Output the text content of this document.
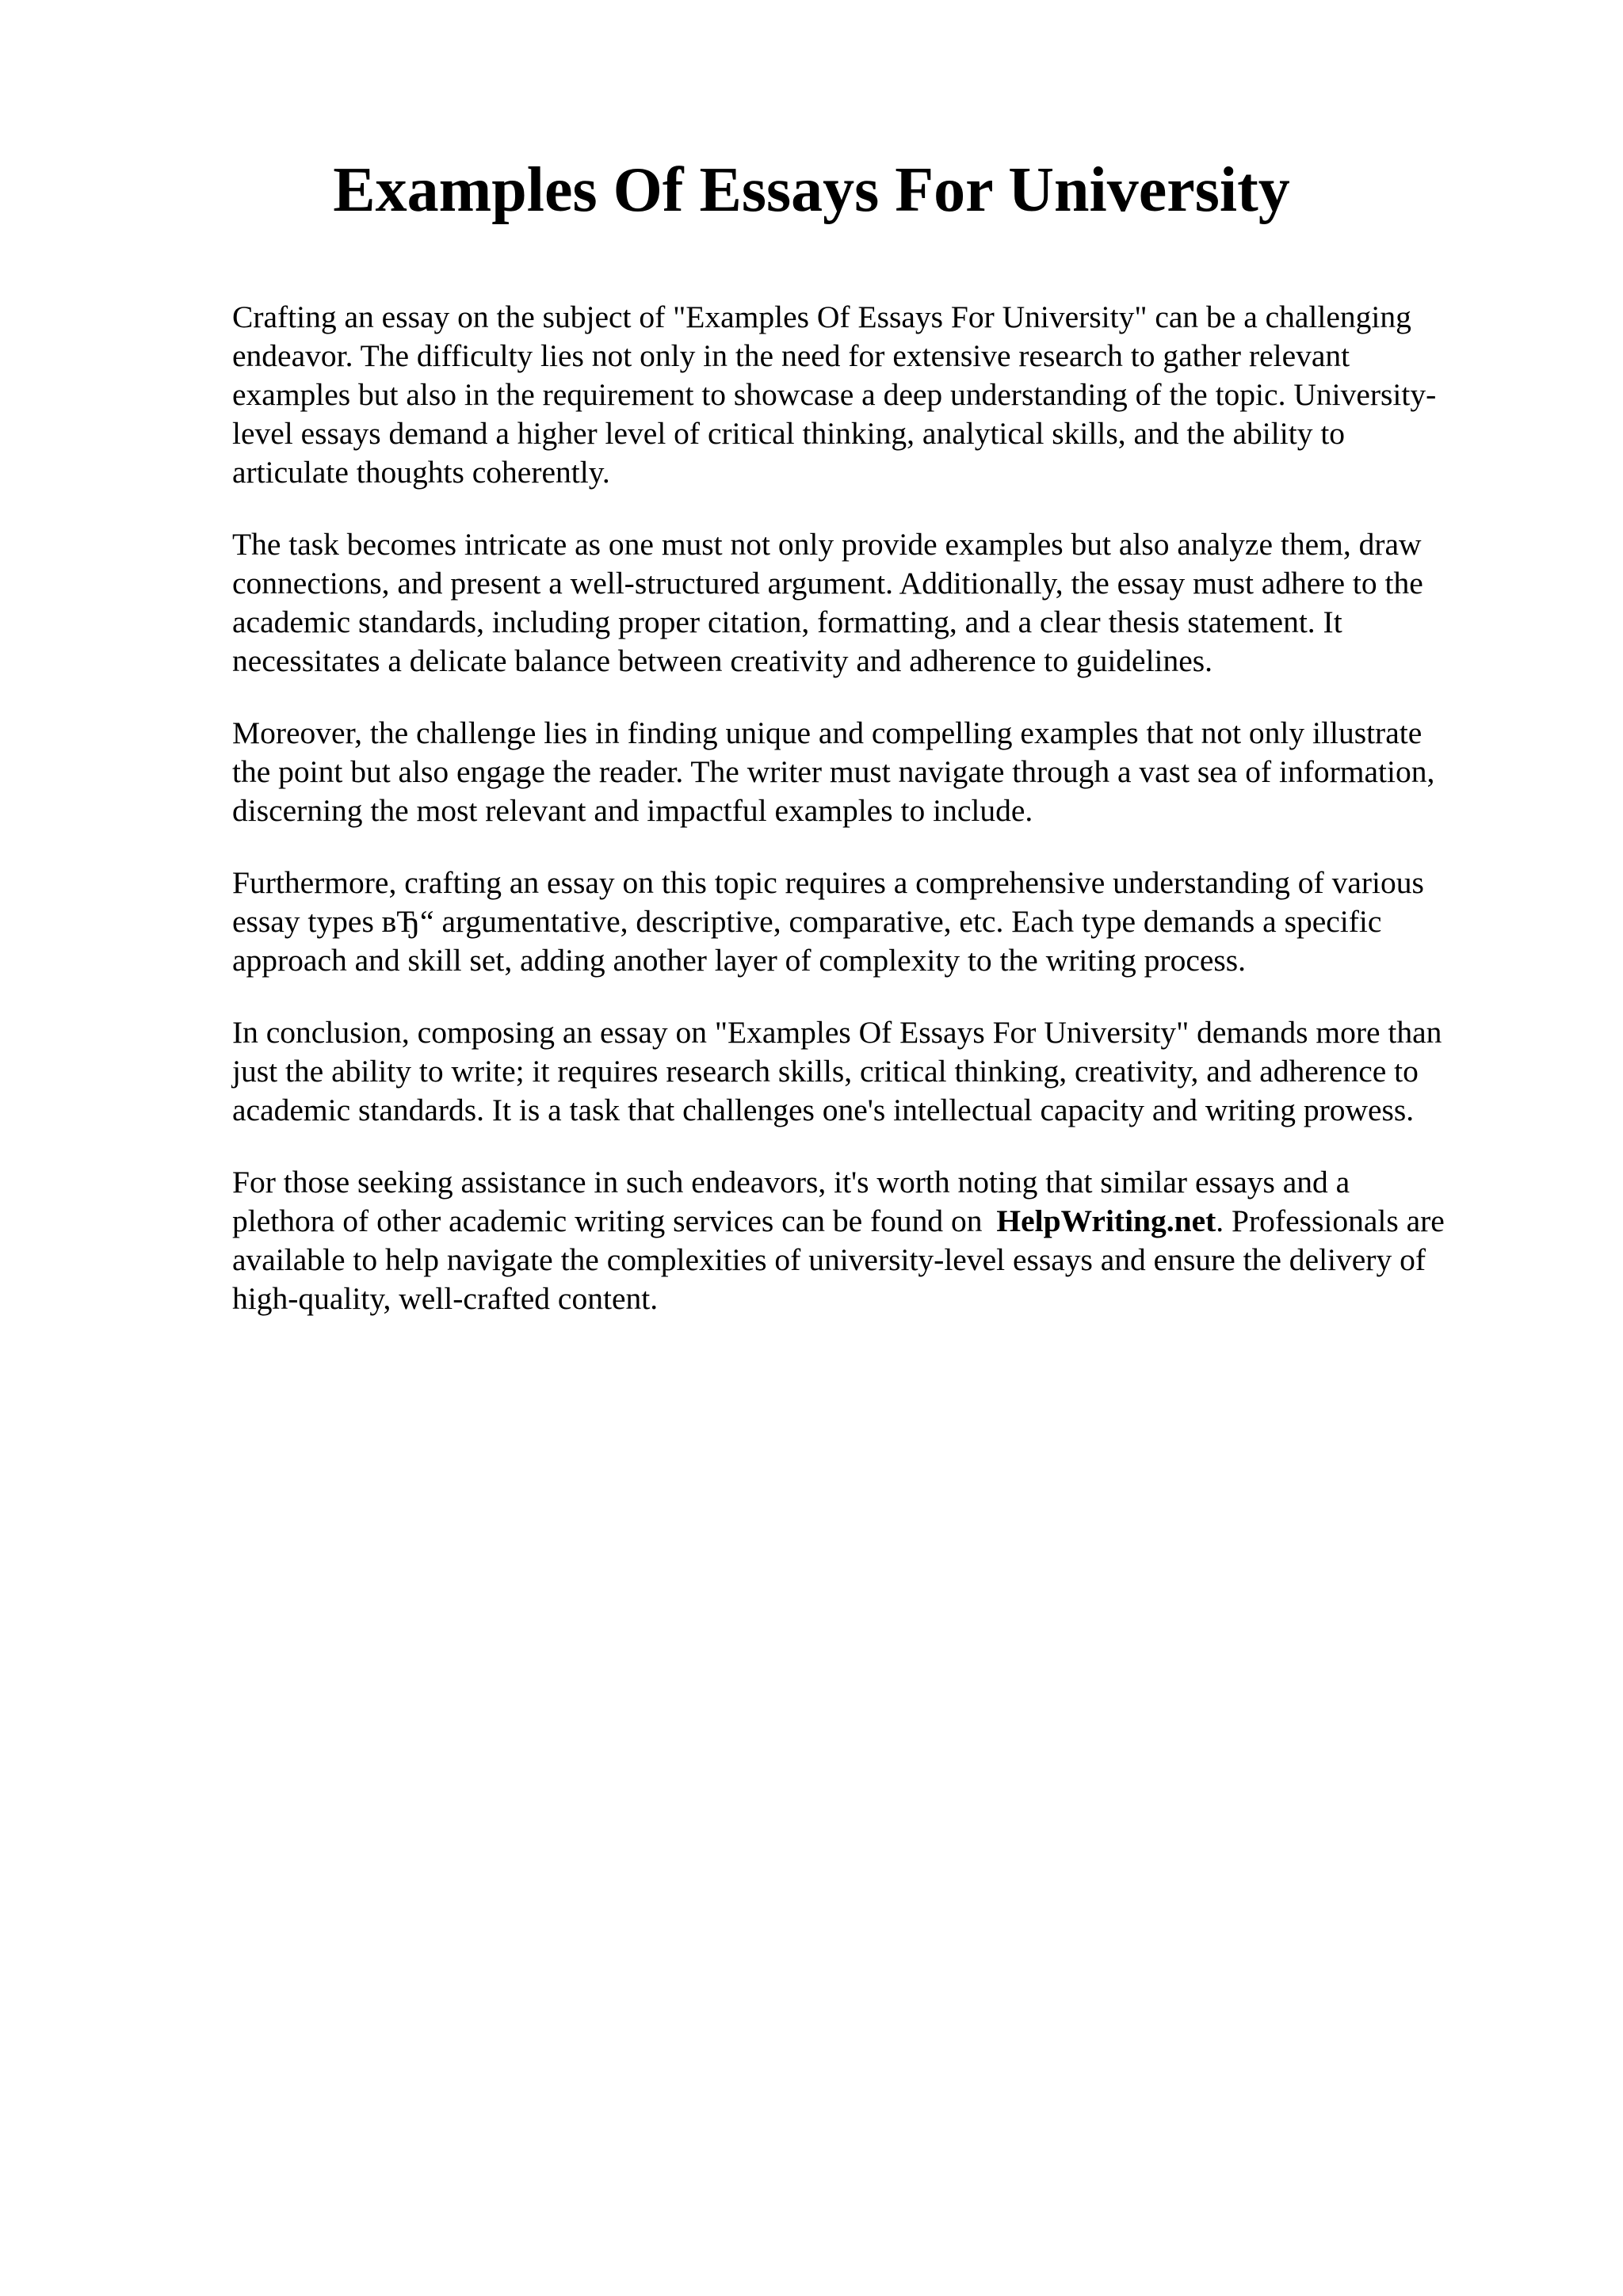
Examples Of Essays For University

Crafting an essay on the subject of "Examples Of Essays For University" can be a challenging
endeavor. The difficulty lies not only in the need for extensive research to gather relevant
examples but also in the requirement to showcase a deep understanding of the topic. University-
level essays demand a higher level of critical thinking, analytical skills, and the ability to
articulate thoughts coherently.

The task becomes intricate as one must not only provide examples but also analyze them, draw
connections, and present a well-structured argument. Additionally, the essay must adhere to the
academic standards, including proper citation, formatting, and a clear thesis statement. It
necessitates a delicate balance between creativity and adherence to guidelines.

Moreover, the challenge lies in finding unique and compelling examples that not only illustrate
the point but also engage the reader. The writer must navigate through a vast sea of information,
discerning the most relevant and impactful examples to include.

Furthermore, crafting an essay on this topic requires a comprehensive understanding of various
essay types вЂ“ argumentative, descriptive, comparative, etc. Each type demands a specific
approach and skill set, adding another layer of complexity to the writing process.

In conclusion, composing an essay on "Examples Of Essays For University" demands more than
just the ability to write; it requires research skills, critical thinking, creativity, and adherence to
academic standards. It is a task that challenges one's intellectual capacity and writing prowess.

For those seeking assistance in such endeavors, it's worth noting that similar essays and a
plethora of other academic writing services can be found on HelpWriting.net. Professionals are
available to help navigate the complexities of university-level essays and ensure the delivery of
high-quality, well-crafted content.
